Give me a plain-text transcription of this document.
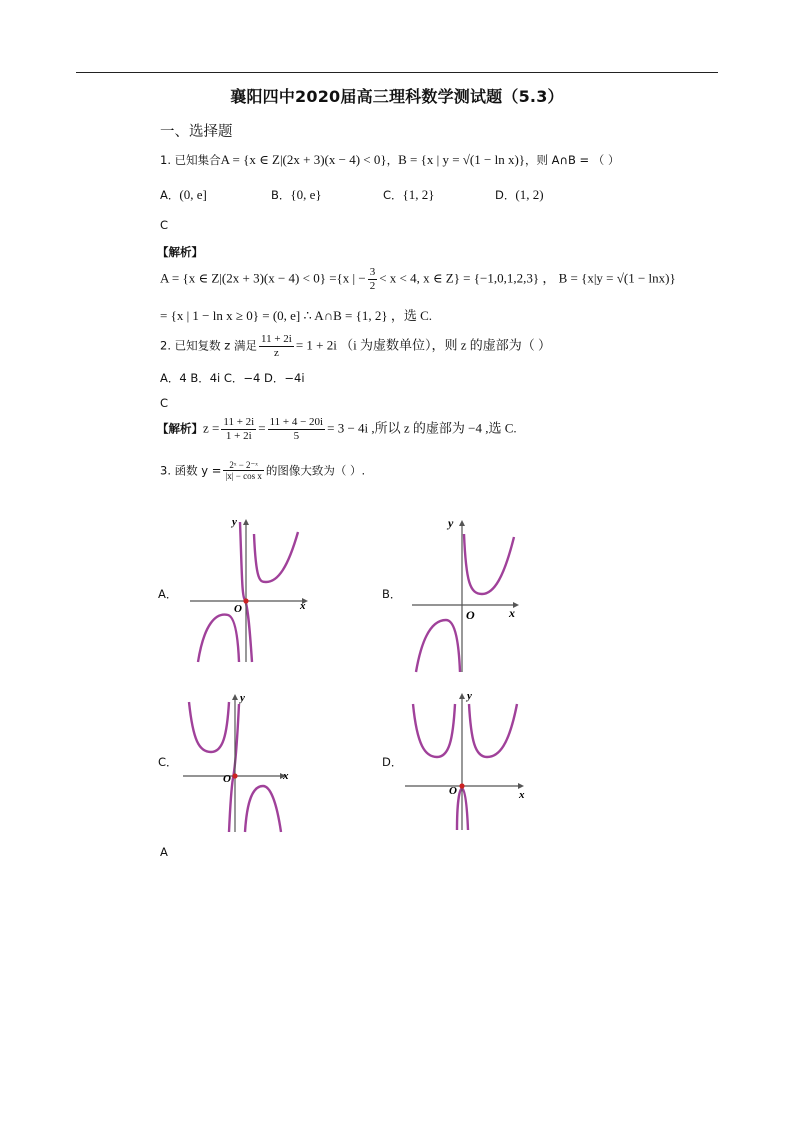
襄阳四中2020届高三理科数学测试题（5.3）
一、选择题
1. 已知集合A = {x ∈ Z|(2x + 3)(x − 4) < 0}，B = {x | y = √(1 − ln x)}，则 A∩B = （ ）
A．(0, e]	B．{0, e}	C．{1, 2}	D．(1, 2)
C
【解析】
A = {x ∈ Z|(2x + 3)(x − 4) < 0} ={x | − $\frac{3}{2} < x < 4$, x ∈ Z} = {−1,0,1,2,3} ， B = {x|y = √(1 − lnx)}
= {x | 1 − ln x ≥ 0} = (0, e] ∴ A∩B = {1, 2} ，选 C.
2. 已知复数 z 满足 $\frac{11 + 2i}{z} = 1 + 2i$ （i 为虚数单位），则 z 的虚部为（ ）
A．4 B．4i C．−4 D．−4i
C
【解析】$z = \frac{11 + 2i}{1 + 2i} = \frac{11 + 4 - 20i}{5} = 3 - 4i$ ,所以 z 的虚部为 −4 ,选 C.
3. 函数 $y = \frac{\text{2ˣ − 2⁻ˣ}}{\text{|x| − cos x}}$ 的图像大致为（ ）.
A．	B．
C．	D．
O	x
y
O	x
y
O	x
y
O	x
y
A
